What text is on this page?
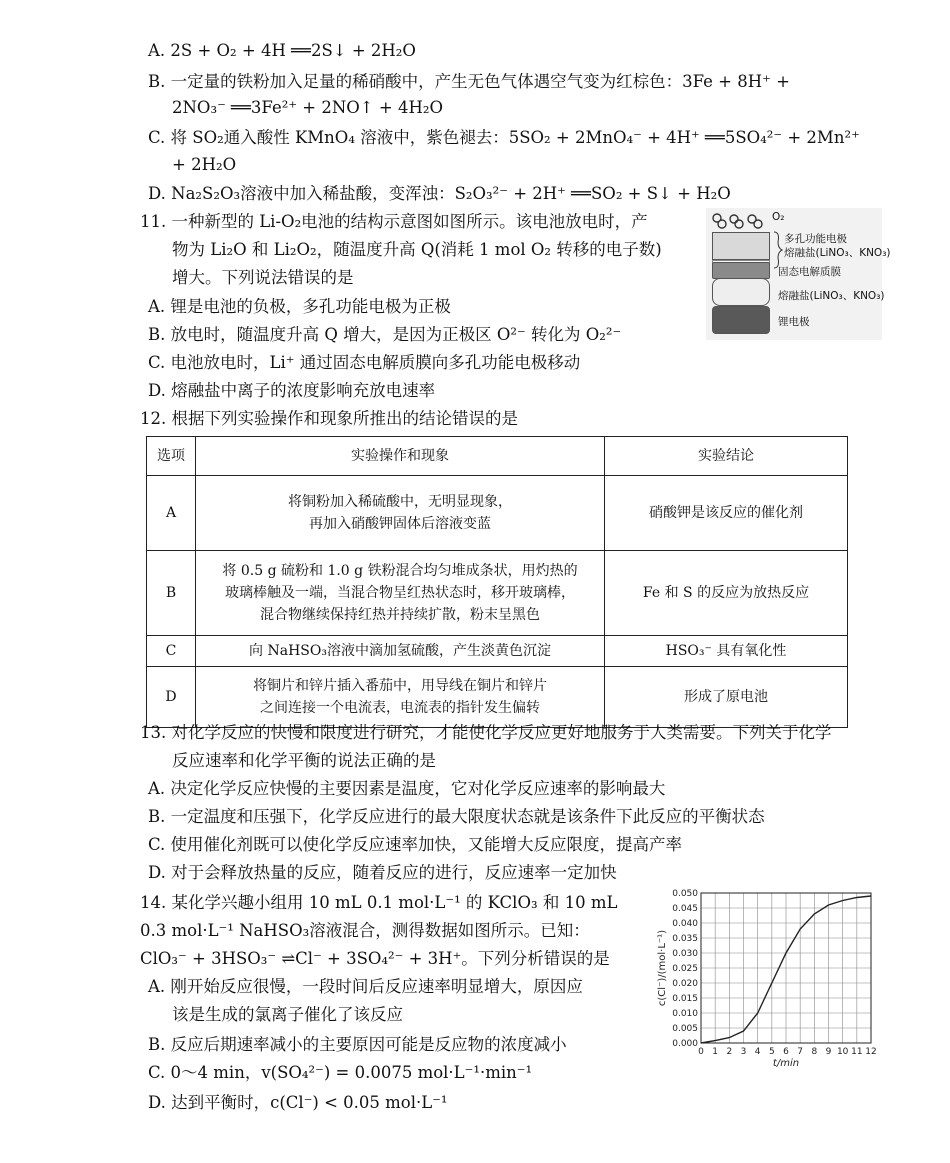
A. 2S + O₂ + 4H ══2S↓ + 2H₂O
B. 一定量的铁粉加入足量的稀硝酸中，产生无色气体遇空气变为红棕色：3Fe + 8H⁺ +
2NO₃⁻ ══3Fe²⁺ + 2NO↑ + 4H₂O
C. 将 SO₂通入酸性 KMnO₄ 溶液中，紫色褪去：5SO₂ + 2MnO₄⁻ + 4H⁺ ══5SO₄²⁻ + 2Mn²⁺
+ 2H₂O
D. Na₂S₂O₃溶液中加入稀盐酸，变浑浊：S₂O₃²⁻ + 2H⁺ ══SO₂ + S↓ + H₂O
11. 一种新型的 Li-O₂电池的结构示意图如图所示。该电池放电时，产
物为 Li₂O 和 Li₂O₂，随温度升高 Q(消耗 1 mol O₂ 转移的电子数)
增大。下列说法错误的是
A. 锂是电池的负极，多孔功能电极为正极
B. 放电时，随温度升高 Q 增大，是因为正极区 O²⁻ 转化为 O₂²⁻
C. 电池放电时，Li⁺ 通过固态电解质膜向多孔功能电极移动
D. 熔融盐中离子的浓度影响充放电速率
O₂
多孔功能电极
熔融盐(LiNO₃、KNO₃)
固态电解质膜
熔融盐(LiNO₃、KNO₃)
锂电极
12. 根据下列实验操作和现象所推出的结论错误的是
选项	实验操作和现象	实验结论
A	将铜粉加入稀硫酸中，无明显现象，
再加入硝酸钾固体后溶液变蓝	硝酸钾是该反应的催化剂
B	将 0.5 g 硫粉和 1.0 g 铁粉混合均匀堆成条状，用灼热的
玻璃棒触及一端，当混合物呈红热状态时，移开玻璃棒，
混合物继续保持红热并持续扩散，粉末呈黑色	Fe 和 S 的反应为放热反应
C	向 NaHSO₃溶液中滴加氢硫酸，产生淡黄色沉淀	HSO₃⁻ 具有氧化性
D	将铜片和锌片插入番茄中，用导线在铜片和锌片
之间连接一个电流表，电流表的指针发生偏转	形成了原电池
13. 对化学反应的快慢和限度进行研究，才能使化学反应更好地服务于人类需要。下列关于化学
反应速率和化学平衡的说法正确的是
A. 决定化学反应快慢的主要因素是温度，它对化学反应速率的影响最大
B. 一定温度和压强下，化学反应进行的最大限度状态就是该条件下此反应的平衡状态
C. 使用催化剂既可以使化学反应速率加快，又能增大反应限度，提高产率
D. 对于会释放热量的反应，随着反应的进行，反应速率一定加快
14. 某化学兴趣小组用 10 mL 0.1 mol·L⁻¹ 的 KClO₃ 和 10 mL
0.3 mol·L⁻¹ NaHSO₃溶液混合，测得数据如图所示。已知：
ClO₃⁻ + 3HSO₃⁻ ⇌Cl⁻ + 3SO₄²⁻ + 3H⁺。下列分析错误的是
A. 刚开始反应很慢，一段时间后反应速率明显增大，原因应
该是生成的氯离子催化了该反应
B. 反应后期速率减小的主要原因可能是反应物的浓度减小
C. 0～4 min，v(SO₄²⁻) = 0.0075 mol·L⁻¹·min⁻¹
D. 达到平衡时，c(Cl⁻) < 0.05 mol·L⁻¹
0 1 2 3 4 5 6 7 8 9 10 11 12
0.000
0.005
0.010
0.015
0.020
0.025
0.030
0.035
0.040
0.045
0.050
t/min
c(Cl⁻)/(mol·L⁻¹)
